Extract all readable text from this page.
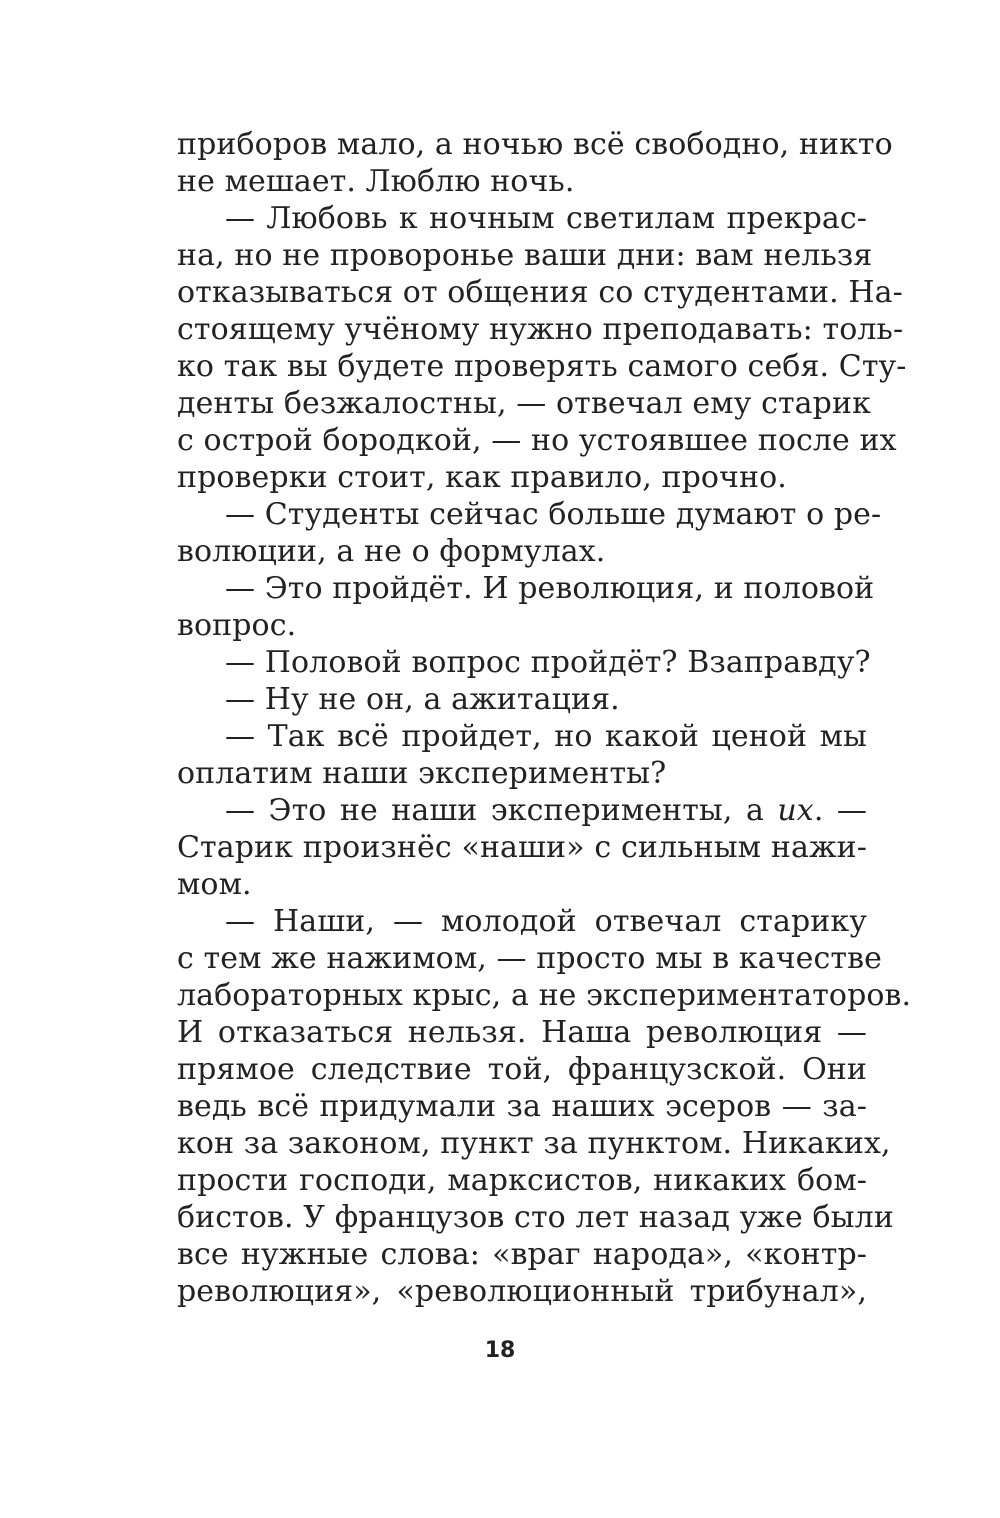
приборов мало, а ночью всё свободно, никто
не мешает. Люблю ночь.
— Любовь к ночным светилам прекрас-
на, но не проворонье ваши дни: вам нельзя
отказываться от общения со студентами. На-
стоящему учёному нужно преподавать: толь-
ко так вы будете проверять самого себя. Сту-
денты безжалостны, — отвечал ему старик
с острой бородкой, — но устоявшее после их
проверки стоит, как правило, прочно.
— Студенты сейчас больше думают о ре-
волюции, а не о формулах.
— Это пройдёт. И революция, и половой
вопрос.
— Половой вопрос пройдёт? Взаправду?
— Ну не он, а ажитация.
— Так всё пройдет, но какой ценой мы
оплатим наши эксперименты?
— Это не наши эксперименты, а их. —
Старик произнёс «наши» с сильным нажи-
мом.
— Наши, — молодой отвечал старику
с тем же нажимом, — просто мы в качестве
лабораторных крыс, а не экспериментаторов.
И отказаться нельзя. Наша революция —
прямое следствие той, французской. Они
ведь всё придумали за наших эсеров — за-
кон за законом, пункт за пунктом. Никаких,
прости господи, марксистов, никаких бом-
бистов. У французов сто лет назад уже были
все нужные слова: «враг народа», «контр-
революция», «революционный трибунал»,
18
